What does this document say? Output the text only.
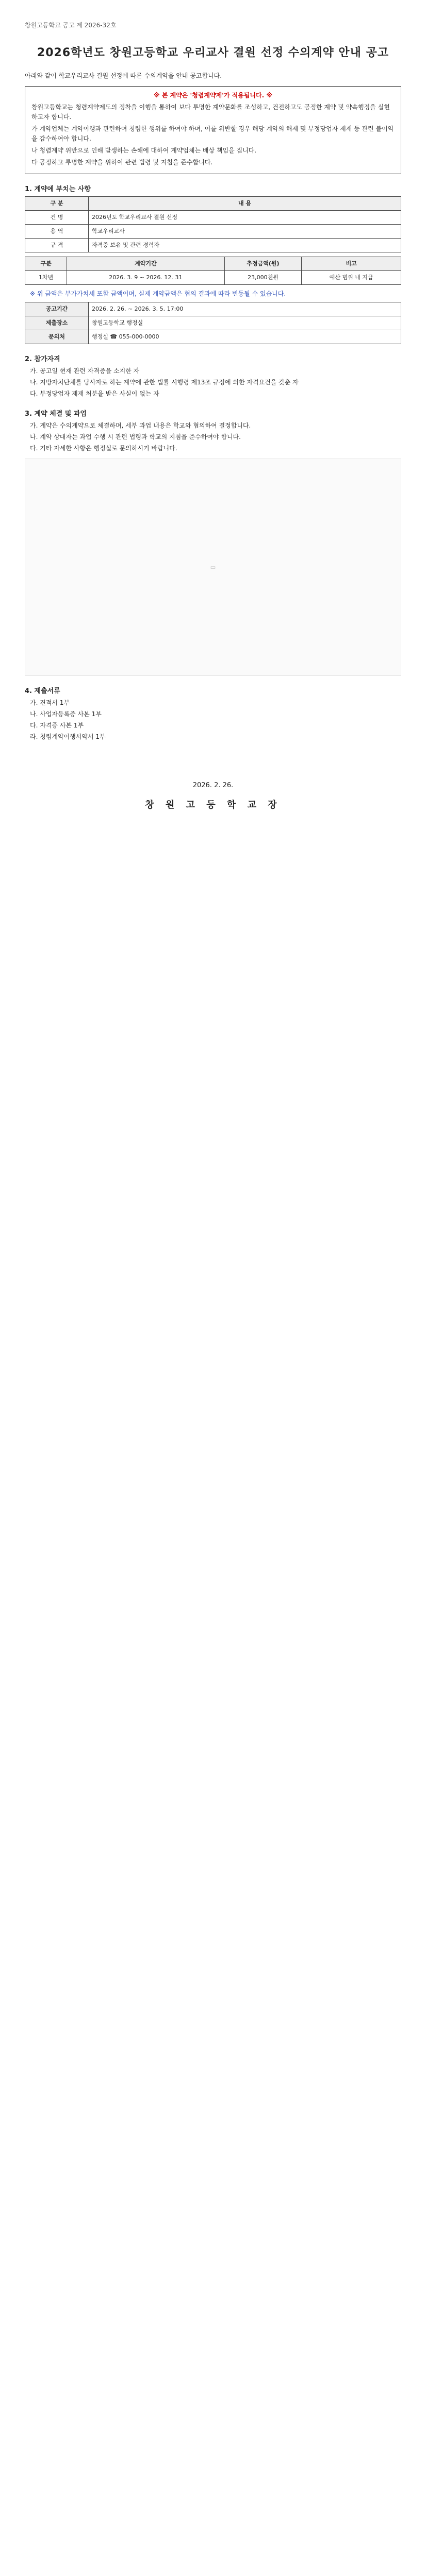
창원고등학교 공고 제 2026-32호
2026학년도 창원고등학교 우리교사 결원 선정 수의계약 안내 공고
아래와 같이 학교우리교사 결원 선정에 따른 수의계약을 안내 공고합니다.
※ 본 계약은 '청렴계약제'가 적용됩니다. ※

창원고등학교는 청렴계약제도의 정착을 이행을 통하여 보다 투명한 계약문화를 조성하고, 건전하고도 공정한 계약 및 약속행정을 실현하고자 합니다.

가 계약업체는 계약이행과 관련하여 청렴한 행위를 하여야 하며, 이를 위반할 경우 해당 계약의 해제 및 부정당업자 제재 등 관련 불이익을 감수하여야 합니다.

나 청렴계약 위반으로 인해 발생하는 손해에 대하여 계약업체는 배상 책임을 집니다.

다 공정하고 투명한 계약을 위하여 관련 법령 및 지침을 준수합니다.

1. 계약에 부치는 사항
구 분	내 용
건 명	2026년도 학교우리교사 결원 선정
용 역	학교우리교사
규 격	자격증 보유 및 관련 경력자
구분	계약기간	추정금액(원)	비고
1차년	2026. 3. 9 ~ 2026. 12. 31	23,000천원	예산 범위 내 지급

※ 위 금액은 부가가치세 포함 금액이며, 실제 계약금액은 협의 결과에 따라 변동될 수 있습니다.

공고기간	2026. 2. 26. ~ 2026. 3. 5. 17:00
제출장소	창원고등학교 행정실
문의처	행정실 ☎ 055-000-0000
2. 참가자격

가. 공고일 현재 관련 자격증을 소지한 자

나. 지방자치단체를 당사자로 하는 계약에 관한 법률 시행령 제13조 규정에 의한 자격요건을 갖춘 자

다. 부정당업자 제재 처분을 받은 사실이 없는 자

3. 계약 체결 및 과업

가. 계약은 수의계약으로 체결하며, 세부 과업 내용은 학교와 협의하여 결정합니다.

나. 계약 상대자는 과업 수행 시 관련 법령과 학교의 지침을 준수하여야 합니다.

다. 기타 자세한 사항은 행정실로 문의하시기 바랍니다.

▭
4. 제출서류

가. 견적서 1부

나. 사업자등록증 사본 1부

다. 자격증 사본 1부

라. 청렴계약이행서약서 1부

2026. 2. 26.
창 원 고 등 학 교 장
